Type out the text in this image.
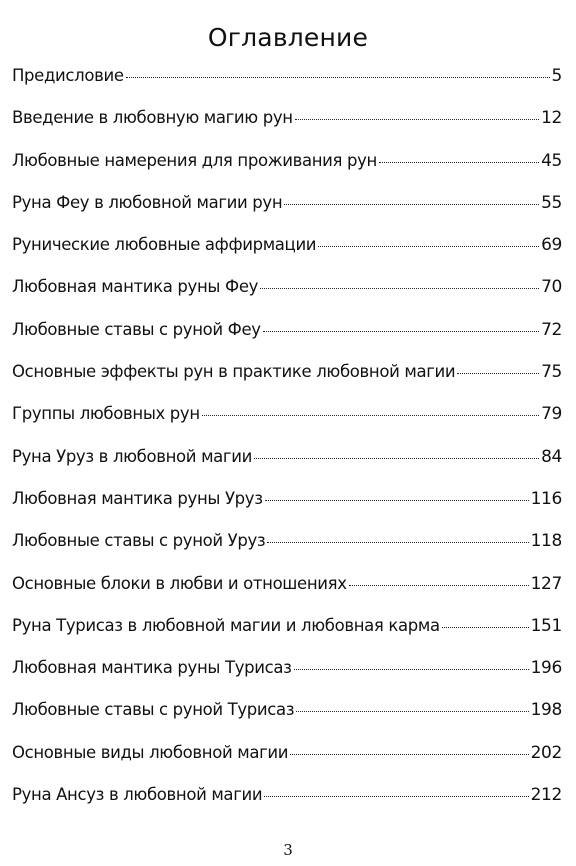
Оглавление
Предисловие	5
Введение в любовную магию рун	12
Любовные намерения для проживания рун	45
Руна Феу в любовной магии рун	55
Рунические любовные аффирмации	69
Любовная мантика руны Феу	70
Любовные ставы с руной Феу	72
Основные эффекты рун в практике любовной магии	75
Группы любовных рун	79
Руна Уруз в любовной магии	84
Любовная мантика руны Уруз	116
Любовные ставы с руной Уруз	118
Основные блоки в любви и отношениях	127
Руна Турисаз в любовной магии и любовная карма	151
Любовная мантика руны Турисаз	196
Любовные ставы с руной Турисаз	198
Основные виды любовной магии	202
Руна Ансуз в любовной магии	212
3
